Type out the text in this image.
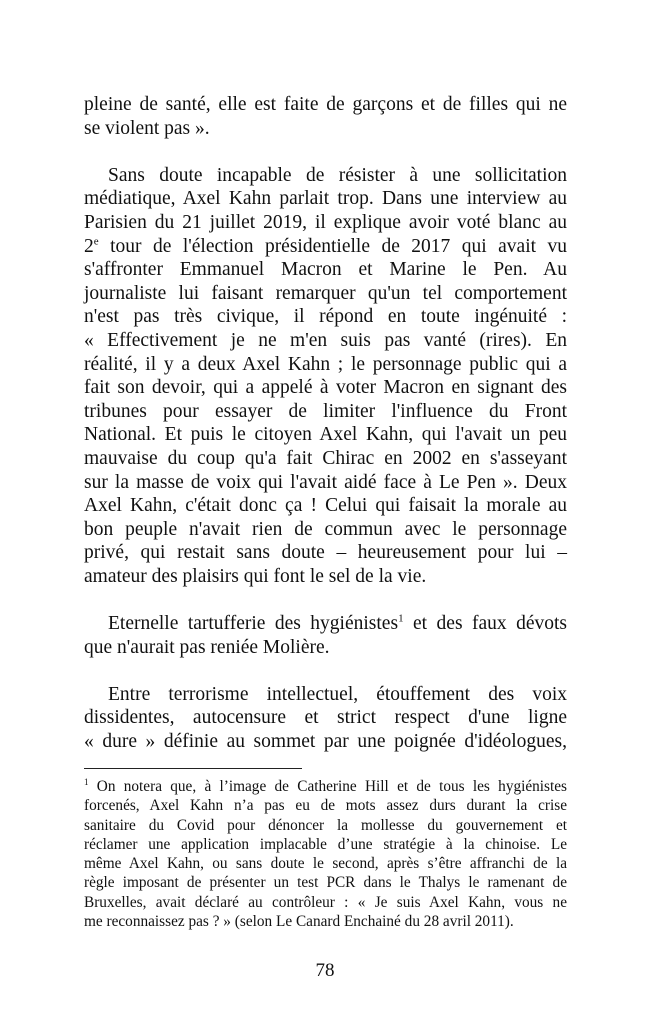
pleine de santé, elle est faite de garçons et de filles qui ne
se violent pas ».

Sans doute incapable de résister à une sollicitation
médiatique, Axel Kahn parlait trop. Dans une interview au
Parisien du 21 juillet 2019, il explique avoir voté blanc au
2e tour de l'élection présidentielle de 2017 qui avait vu
s'affronter Emmanuel Macron et Marine le Pen. Au
journaliste lui faisant remarquer qu'un tel comportement
n'est pas très civique, il répond en toute ingénuité :
« Effectivement je ne m'en suis pas vanté (rires). En
réalité, il y a deux Axel Kahn ; le personnage public qui a
fait son devoir, qui a appelé à voter Macron en signant des
tribunes pour essayer de limiter l'influence du Front
National. Et puis le citoyen Axel Kahn, qui l'avait un peu
mauvaise du coup qu'a fait Chirac en 2002 en s'asseyant
sur la masse de voix qui l'avait aidé face à Le Pen ». Deux
Axel Kahn, c'était donc ça ! Celui qui faisait la morale au
bon peuple n'avait rien de commun avec le personnage
privé, qui restait sans doute – heureusement pour lui –
amateur des plaisirs qui font le sel de la vie.

Eternelle tartufferie des hygiénistes$^1$ et des faux dévots
que n'aurait pas reniée Molière.

Entre terrorisme intellectuel, étouffement des voix
dissidentes, autocensure et strict respect d'une ligne
« dure » définie au sommet par une poignée d'idéologues,

$^1$ On notera que, à l’image de Catherine Hill et de tous les hygiénistes
forcenés, Axel Kahn n’a pas eu de mots assez durs durant la crise
sanitaire du Covid pour dénoncer la mollesse du gouvernement et
réclamer une application implacable d’une stratégie à la chinoise. Le
même Axel Kahn, ou sans doute le second, après s’être affranchi de la
règle imposant de présenter un test PCR dans le Thalys le ramenant de
Bruxelles, avait déclaré au contrôleur : « Je suis Axel Kahn, vous ne
me reconnaissez pas ? » (selon Le Canard Enchainé du 28 avril 2011).
78
